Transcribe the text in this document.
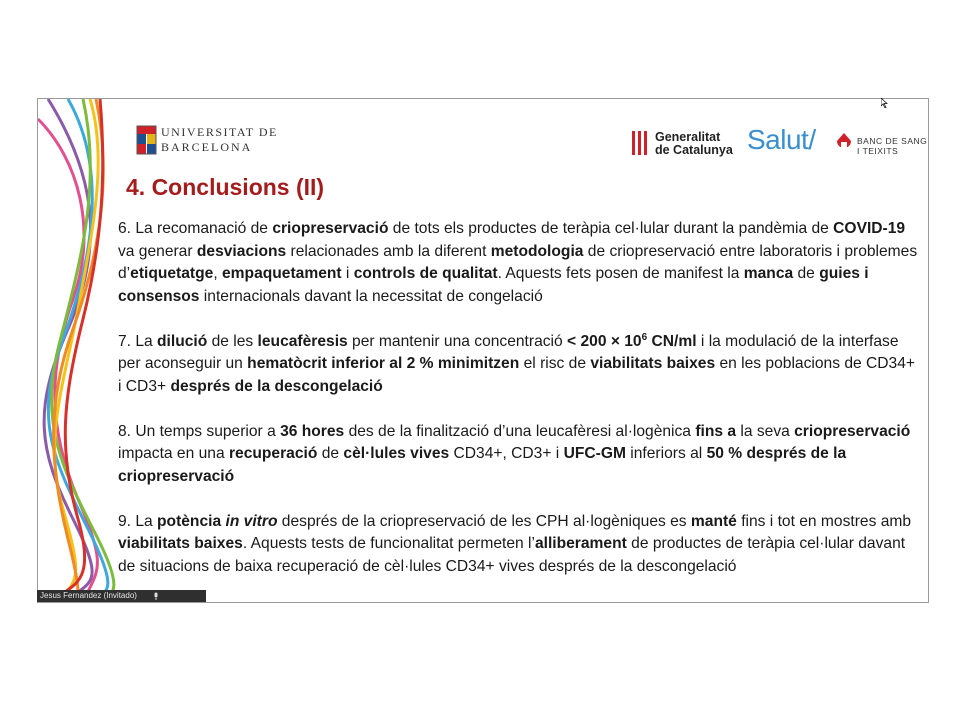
UNIVERSITAT DE
BARCELONA
Generalitat
de Catalunya Salut/	BANC DE SANG
I TEIXITS
4. Conclusions (II)

6. La recomanació de criopreservació de tots els productes de teràpia cel·lular durant la pandèmia de COVID-19 va generar desviacions relacionades amb la diferent metodologia de criopreservació entre laboratoris i problemes d’etiquetatge, empaquetament i controls de qualitat. Aquests fets posen de manifest la manca de guies i consensos internacionals davant la necessitat de congelació

7. La dilució de les leucafèresis per mantenir una concentració < $200 \times 10^6$ CN/ml i la modulació de la interfase per aconseguir un hematòcrit inferior al 2 % minimitzen el risc de viabilitats baixes en les poblacions de CD34+ i CD3+ després de la descongelació

8. Un temps superior a 36 hores des de la finalització d’una leucafèresi al·logènica fins a la seva criopreservació impacta en una recuperació de cèl·lules vives CD34+, CD3+ i UFC-GM inferiors al 50 % després de la criopreservació

9. La potència in vitro després de la criopreservació de les CPH al·logèniques es manté fins i tot en mostres amb viabilitats baixes. Aquests tests de funcionalitat permeten l’alliberament de productes de teràpia cel·lular davant de situacions de baixa recuperació de cèl·lules CD34+ vives després de la descongelació

Jesus Fernandez (Invitado)
